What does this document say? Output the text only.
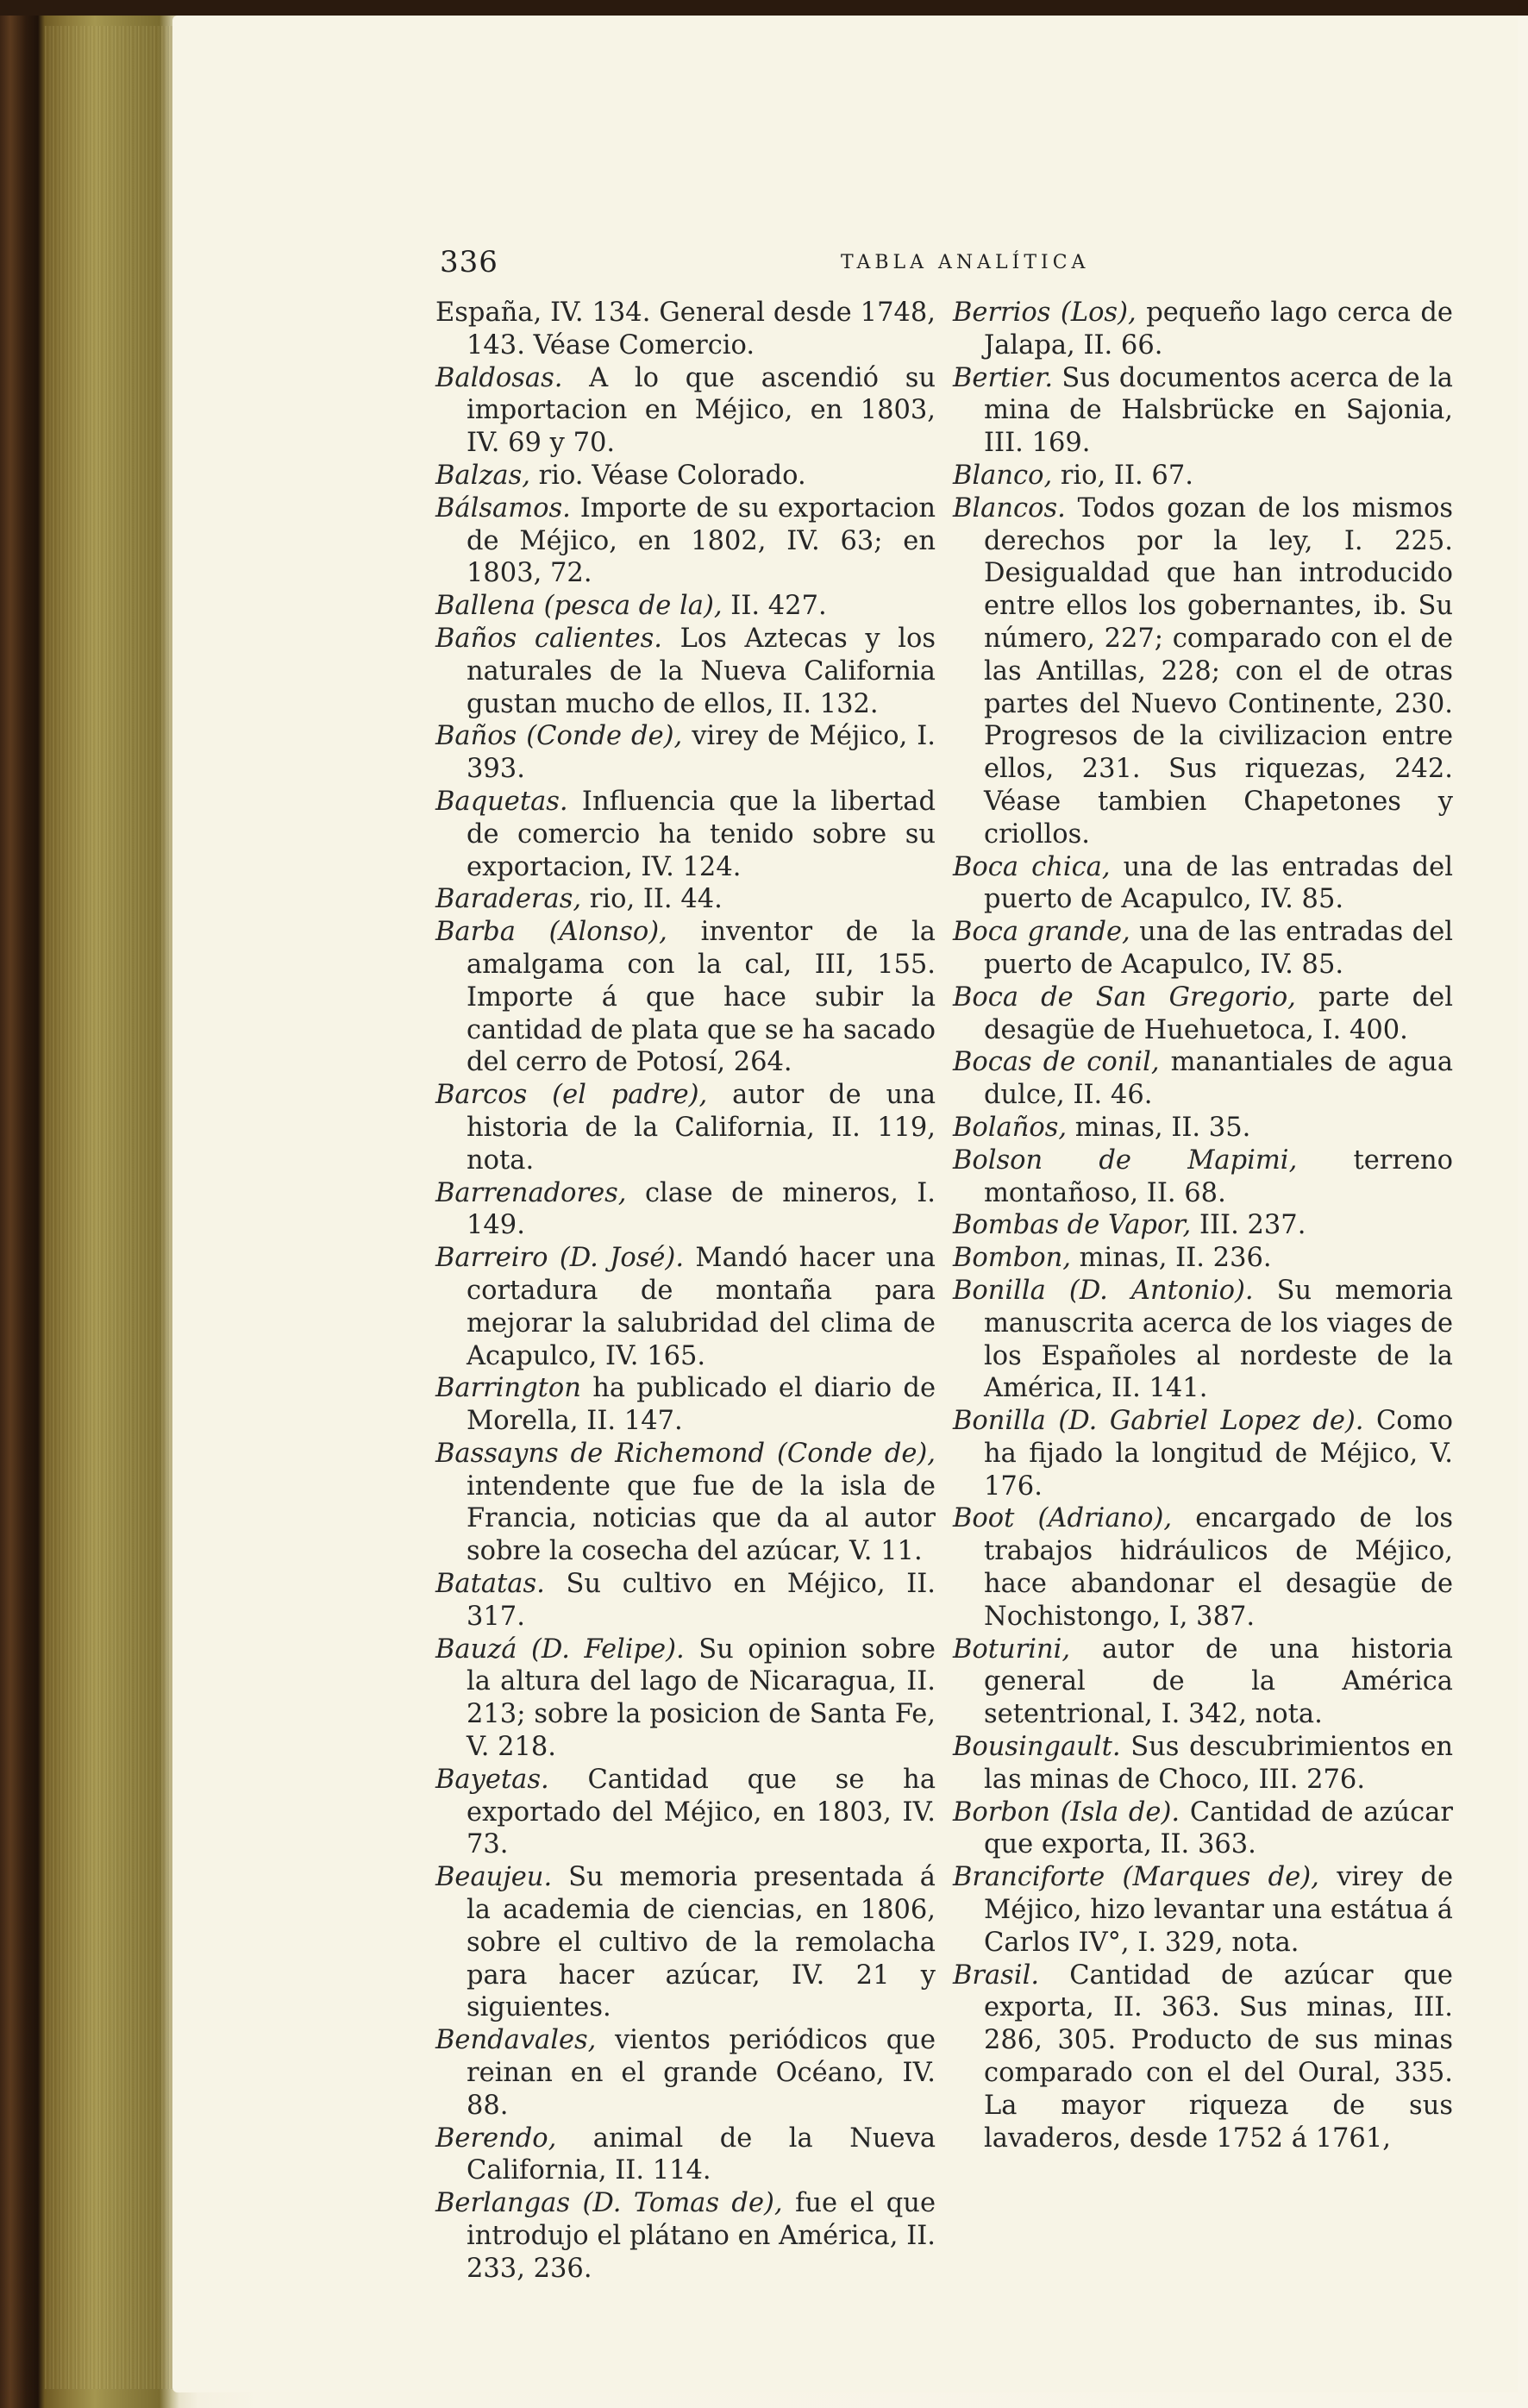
336	TABLA ANALÍTICA

España, IV. 134. General desde 1748, 143. Véase Comercio.

Baldosas. A lo que ascendió su importacion en Méjico, en 1803, IV. 69 y 70.

Balzas, rio. Véase Colorado.

Bálsamos. Importe de su exportacion de Méjico, en 1802, IV. 63; en 1803, 72.

Ballena (pesca de la), II. 427.

Baños calientes. Los Aztecas y los naturales de la Nueva California gustan mucho de ellos, II. 132.

Baños (Conde de), virey de Méjico, I. 393.

Baquetas. Influencia que la libertad de comercio ha tenido sobre su exportacion, IV. 124.

Baraderas, rio, II. 44.

Barba (Alonso), inventor de la amalgama con la cal, III, 155. Importe á que hace subir la cantidad de plata que se ha sacado del cerro de Potosí, 264.

Barcos (el padre), autor de una historia de la California, II. 119, nota.

Barrenadores, clase de mineros, I. 149.

Barreiro (D. José). Mandó hacer una cortadura de montaña para mejorar la salubridad del clima de Acapulco, IV. 165.

Barrington ha publicado el diario de Morella, II. 147.

Bassayns de Richemond (Conde de), intendente que fue de la isla de Francia, noticias que da al autor sobre la cosecha del azúcar, V. 11.

Batatas. Su cultivo en Méjico, II. 317.

Bauzá (D. Felipe). Su opinion sobre la altura del lago de Nicaragua, II. 213; sobre la posicion de Santa Fe, V. 218.

Bayetas. Cantidad que se ha exportado del Méjico, en 1803, IV. 73.

Beaujeu. Su memoria presentada á la academia de ciencias, en 1806, sobre el cultivo de la remolacha para hacer azúcar, IV. 21 y siguientes.

Bendavales, vientos periódicos que reinan en el grande Océano, IV. 88.

Berendo, animal de la Nueva California, II. 114.

Berlangas (D. Tomas de), fue el que introdujo el plátano en América, II. 233, 236.

Berrios (Los), pequeño lago cerca de Jalapa, II. 66.

Bertier. Sus documentos acerca de la mina de Halsbrücke en Sajonia, III. 169.

Blanco, rio, II. 67.

Blancos. Todos gozan de los mismos derechos por la ley, I. 225. Desigualdad que han introducido entre ellos los gobernantes, ib. Su número, 227; comparado con el de las Antillas, 228; con el de otras partes del Nuevo Continente, 230. Progresos de la civilizacion entre ellos, 231. Sus riquezas, 242. Véase tambien Chapetones y criollos.

Boca chica, una de las entradas del puerto de Acapulco, IV. 85.

Boca grande, una de las entradas del puerto de Acapulco, IV. 85.

Boca de San Gregorio, parte del desagüe de Huehuetoca, I. 400.

Bocas de conil, manantiales de agua dulce, II. 46.

Bolaños, minas, II. 35.

Bolson de Mapimi, terreno montañoso, II. 68.

Bombas de Vapor, III. 237.

Bombon, minas, II. 236.

Bonilla (D. Antonio). Su memoria manuscrita acerca de los viages de los Españoles al nordeste de la América, II. 141.

Bonilla (D. Gabriel Lopez de). Como ha fijado la longitud de Méjico, V. 176.

Boot (Adriano), encargado de los trabajos hidráulicos de Méjico, hace abandonar el desagüe de Nochistongo, I, 387.

Boturini, autor de una historia general de la América setentrional, I. 342, nota.

Bousingault. Sus descubrimientos en las minas de Choco, III. 276.

Borbon (Isla de). Cantidad de azúcar que exporta, II. 363.

Branciforte (Marques de), virey de Méjico, hizo levantar una estátua á Carlos IV°, I. 329, nota.

Brasil. Cantidad de azúcar que exporta, II. 363. Sus minas, III. 286, 305. Producto de sus minas comparado con el del Oural, 335. La mayor riqueza de sus lavaderos, desde 1752 á 1761,
